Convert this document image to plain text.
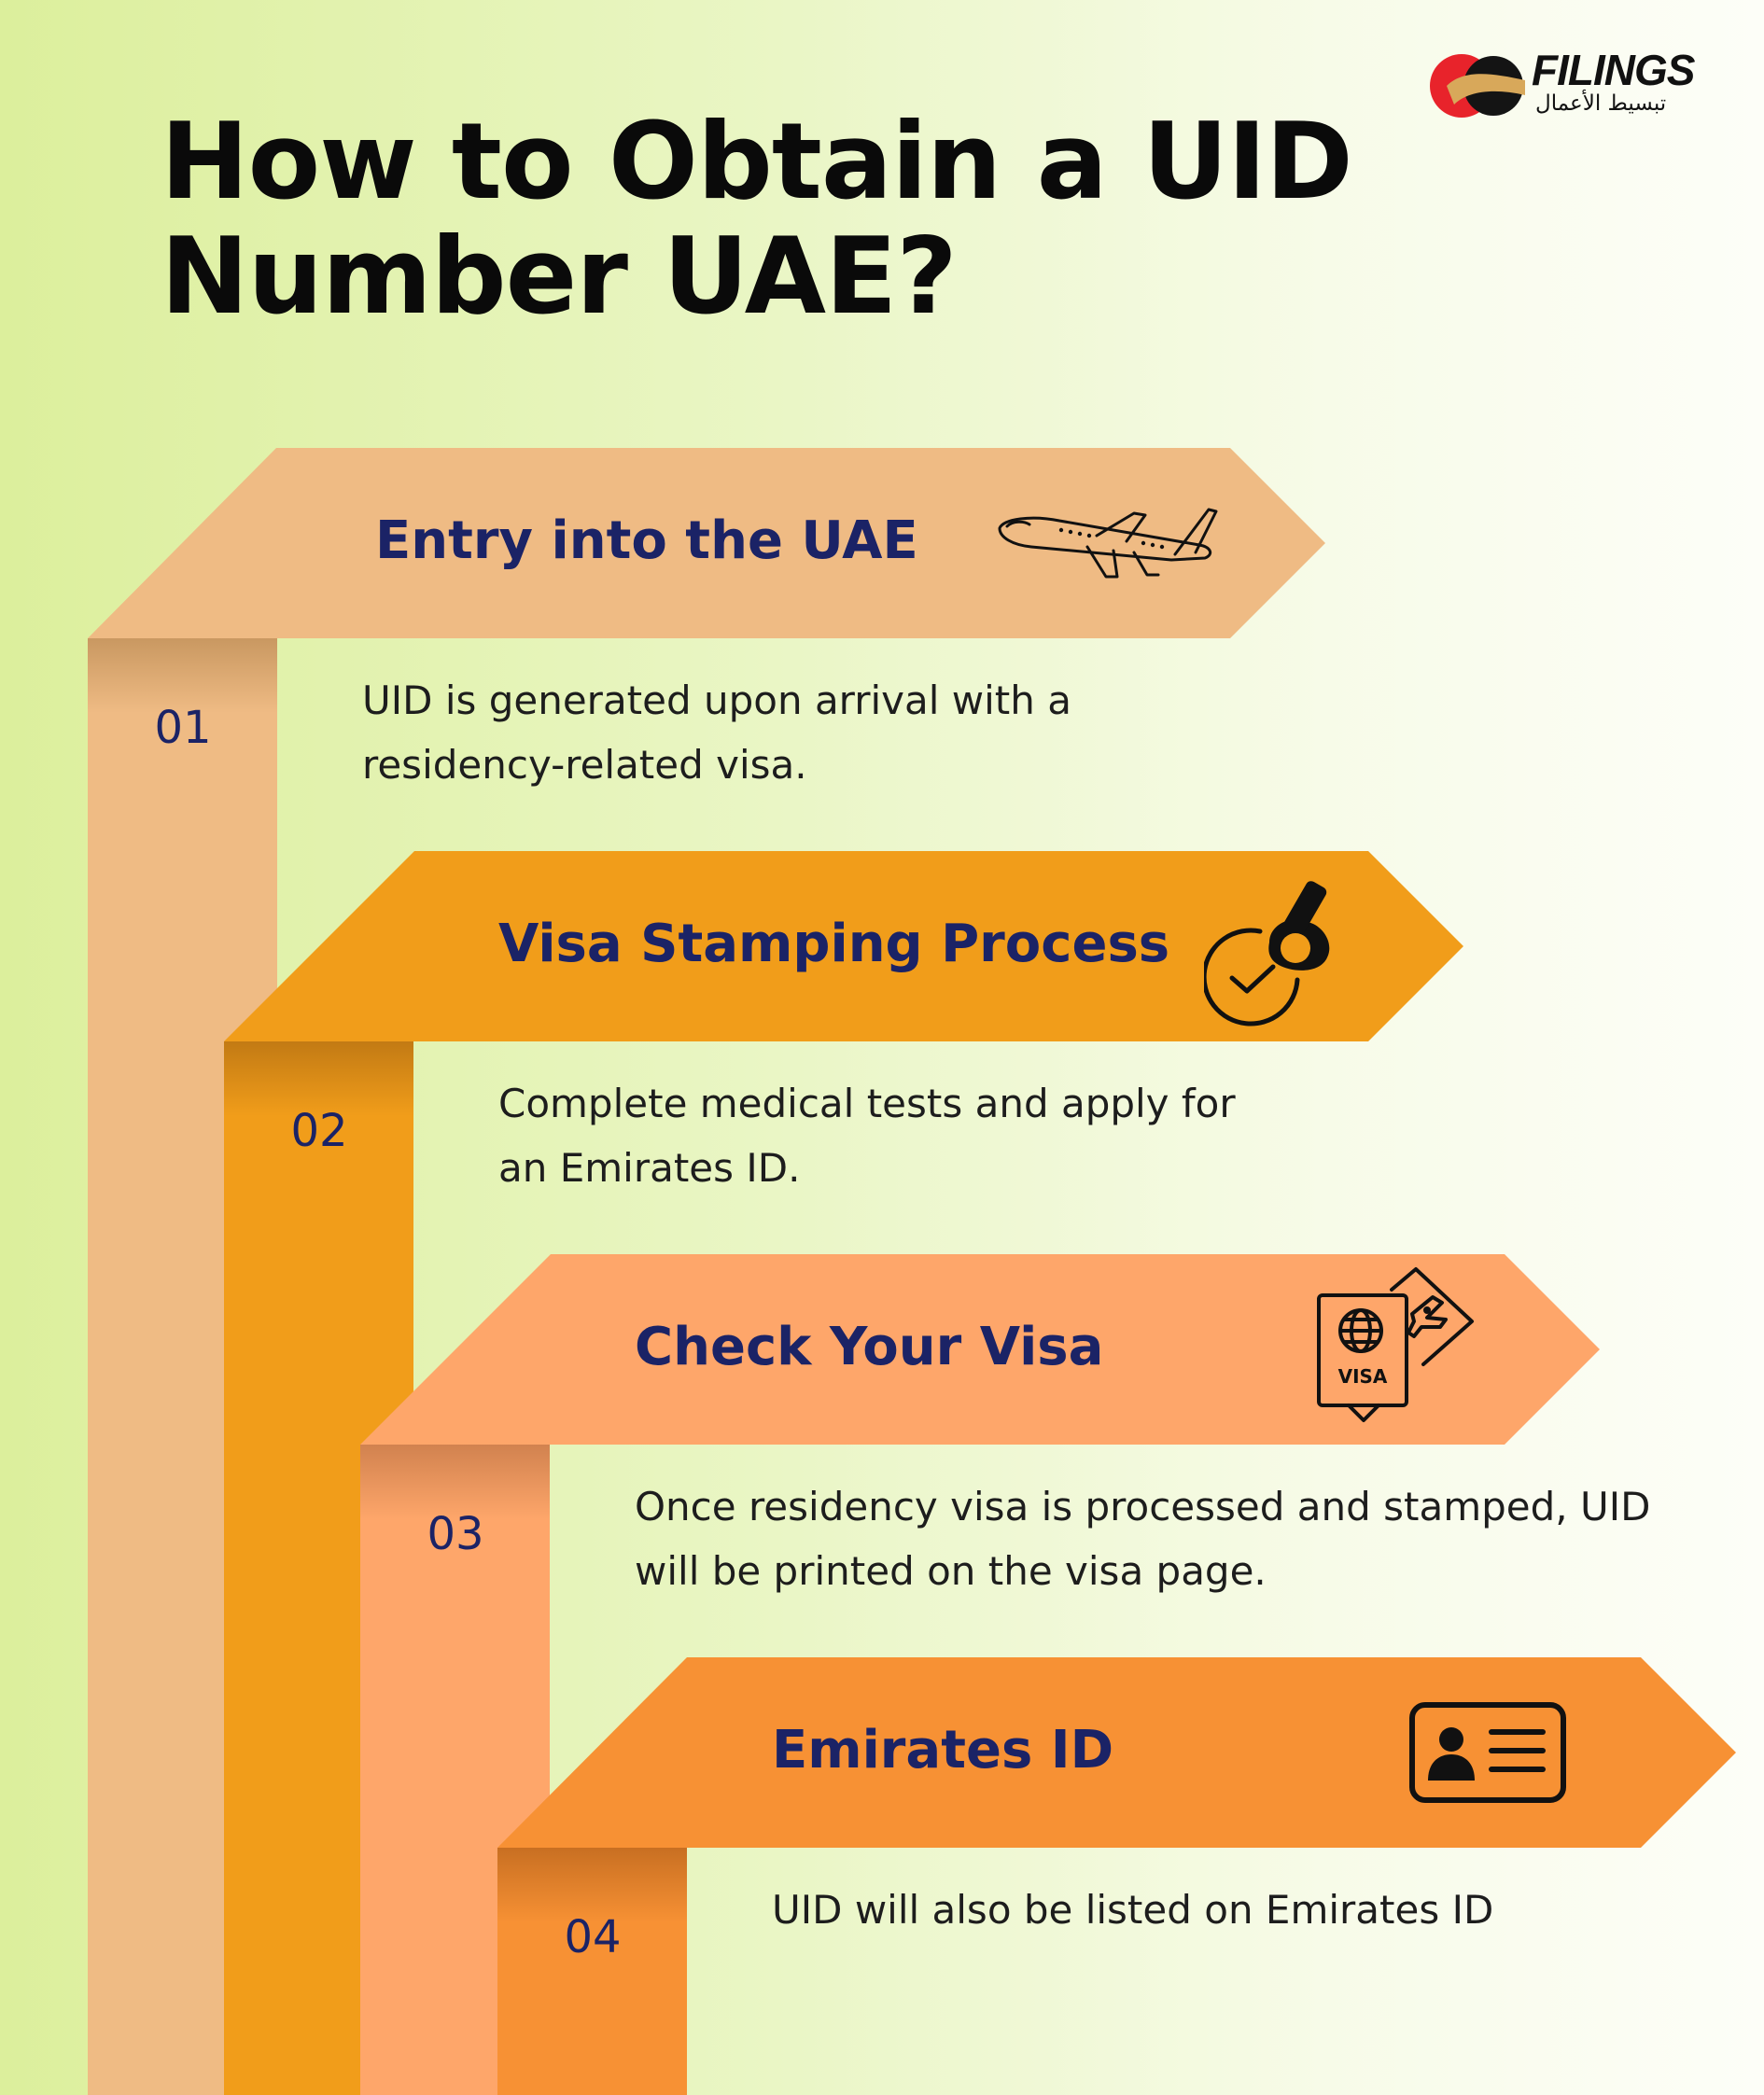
How to Obtain a UID Number UAE?
FILINGS
تبسيط الأعمال
Entry into the UAE
01
UID is generated upon arrival with a residency-related visa.
Visa Stamping Process
02
Complete medical tests and apply for an Emirates ID.
Check Your Visa
03
Once residency visa is processed and stamped, UID will be printed on the visa page.
VISA
Emirates ID
04
UID will also be listed on Emirates ID
